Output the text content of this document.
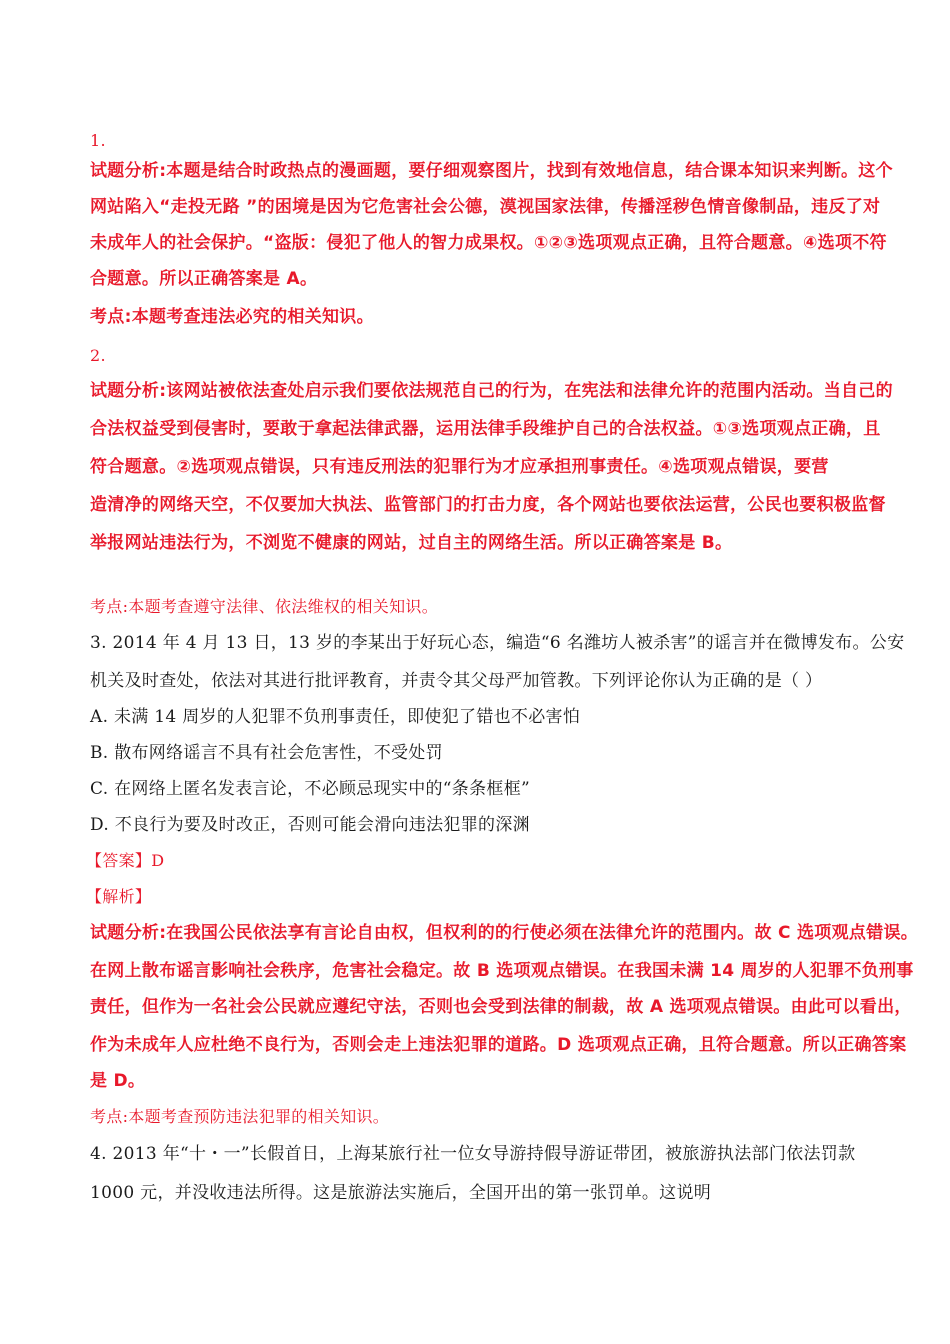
1.
试题分析:本题是结合时政热点的漫画题，要仔细观察图片，找到有效地信息，结合课本知识来判断。这个
网站陷入“走投无路 ”的困境是因为它危害社会公德，漠视国家法律，传播淫秽色情音像制品，违反了对
未成年人的社会保护。“盗版：侵犯了他人的智力成果权。①②③选项观点正确，且符合题意。④选项不符
合题意。所以正确答案是 A。
考点:本题考查违法必究的相关知识。
2.
试题分析:该网站被依法查处启示我们要依法规范自己的行为，在宪法和法律允许的范围内活动。当自己的
合法权益受到侵害时，要敢于拿起法律武器，运用法律手段维护自己的合法权益。①③选项观点正确，且
符合题意。②选项观点错误，只有违反刑法的犯罪行为才应承担刑事责任。④选项观点错误，要营
造清净的网络天空，不仅要加大执法、监管部门的打击力度，各个网站也要依法运营，公民也要积极监督
举报网站违法行为，不浏览不健康的网站，过自主的网络生活。所以正确答案是 B。
考点:本题考查遵守法律、依法维权的相关知识。
3. 2014 年 4 月 13 日，13 岁的李某出于好玩心态，编造“6 名潍坊人被杀害”的谣言并在微博发布。公安
机关及时查处，依法对其进行批评教育，并责令其父母严加管教。下列评论你认为正确的是（ ）
A. 未满 14 周岁的人犯罪不负刑事责任，即使犯了错也不必害怕
B. 散布网络谣言不具有社会危害性，不受处罚
C. 在网络上匿名发表言论，不必顾忌现实中的“条条框框”
D. 不良行为要及时改正，否则可能会滑向违法犯罪的深渊
【答案】D
【解析】
试题分析:在我国公民依法享有言论自由权，但权利的的行使必须在法律允许的范围内。故 C 选项观点错误。
在网上散布谣言影响社会秩序，危害社会稳定。故 B 选项观点错误。在我国未满 14 周岁的人犯罪不负刑事
责任，但作为一名社会公民就应遵纪守法，否则也会受到法律的制裁，故 A 选项观点错误。由此可以看出，
作为未成年人应杜绝不良行为，否则会走上违法犯罪的道路。D 选项观点正确，且符合题意。所以正确答案
是 D。
考点:本题考查预防违法犯罪的相关知识。
4. 2013 年“十・一”长假首日，上海某旅行社一位女导游持假导游证带团，被旅游执法部门依法罚款
1000 元，并没收违法所得。这是旅游法实施后，全国开出的第一张罚单。这说明
